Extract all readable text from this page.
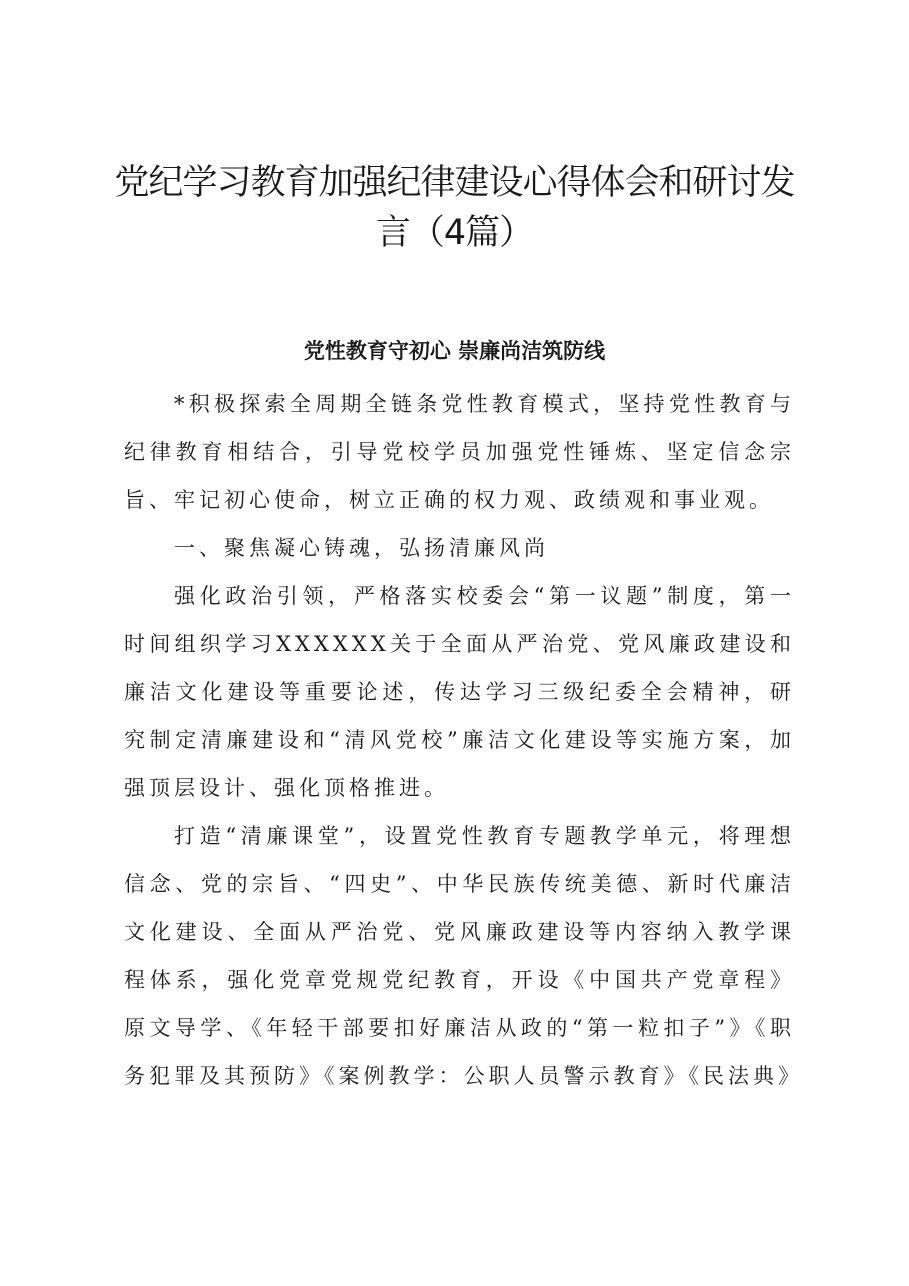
党纪学习教育加强纪律建设心得体会和研讨发言（4篇）
党性教育守初心 崇廉尚洁筑防线

*积极探索全周期全链条党性教育模式，坚持党性教育与纪律教育相结合，引导党校学员加强党性锤炼、坚定信念宗旨、牢记初心使命，树立正确的权力观、政绩观和事业观。

一、聚焦凝心铸魂，弘扬清廉风尚

强化政治引领，严格落实校委会“第一议题”制度，第一时间组织学习XXXXXX关于全面从严治党、党风廉政建设和廉洁文化建设等重要论述，传达学习三级纪委全会精神，研究制定清廉建设和“清风党校”廉洁文化建设等实施方案，加强顶层设计、强化顶格推进。

打造“清廉课堂”，设置党性教育专题教学单元，将理想信念、党的宗旨、“四史”、中华民族传统美德、新时代廉洁文化建设、全面从严治党、党风廉政建设等内容纳入教学课程体系，强化党章党规党纪教育，开设《中国共产党章程》原文导学、《年轻干部要扣好廉洁从政的“第一粒扣子”》《职务犯罪及其预防》《案例教学：公职人员警示教育》《民法典》
